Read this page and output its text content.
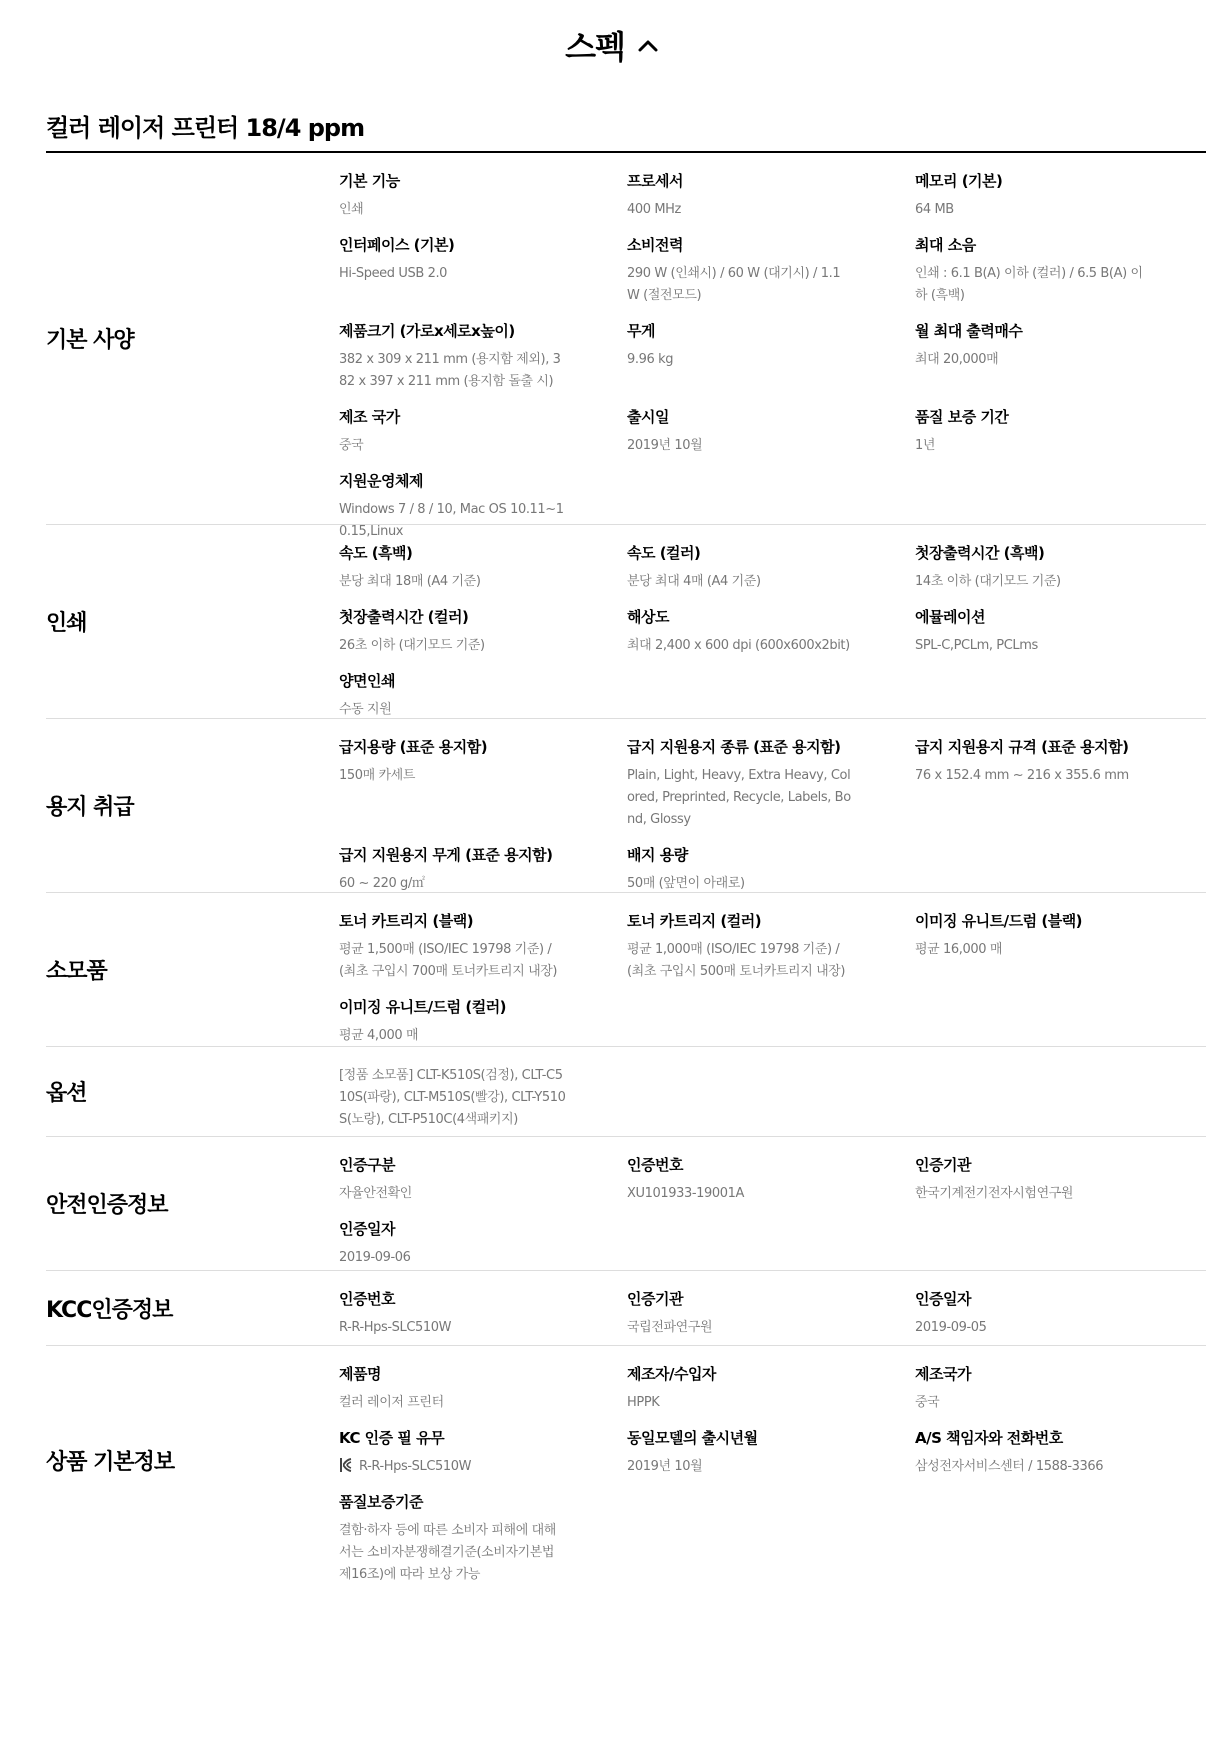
스펙
컬러 레이저 프린터 18/4 ppm
기본 사양
기본 기능
인쇄
프로세서
400 MHz
메모리 (기본)
64 MB
인터페이스 (기본)
Hi-Speed USB 2.0
소비전력
290 W (인쇄시) / 60 W (대기시) / 1.1 W (절전모드)
최대 소음
인쇄 : 6.1 B(A) 이하 (컬러) / 6.5 B(A) 이하 (흑백)
제품크기 (가로x세로x높이)
382 x 309 x 211 mm (용지함 제외), 382 x 397 x 211 mm (용지함 돌출 시)
무게
9.96 kg
월 최대 출력매수
최대 20,000매
제조 국가
중국
출시일
2019년 10월
품질 보증 기간
1년
지원운영체제
Windows 7 / 8 / 10, Mac OS 10.11~10.15,Linux
인쇄
속도 (흑백)
분당 최대 18매 (A4 기준)
속도 (컬러)
분당 최대 4매 (A4 기준)
첫장출력시간 (흑백)
14초 이하 (대기모드 기준)
첫장출력시간 (컬러)
26초 이하 (대기모드 기준)
해상도
최대 2,400 x 600 dpi (600x600x2bit)
에뮬레이션
SPL-C,PCLm, PCLms
양면인쇄
수동 지원
용지 취급
급지용량 (표준 용지함)
150매 카세트
급지 지원용지 종류 (표준 용지함)
Plain, Light, Heavy, Extra Heavy, Colored, Preprinted, Recycle, Labels, Bond, Glossy
급지 지원용지 규격 (표준 용지함)
76 x 152.4 mm ~ 216 x 355.6 mm
급지 지원용지 무게 (표준 용지함)
60 ~ 220 g/㎡
배지 용량
50매 (앞면이 아래로)
소모품
토너 카트리지 (블랙)
평균 1,500매 (ISO/IEC 19798 기준) / (최초 구입시 700매 토너카트리지 내장)
토너 카트리지 (컬러)
평균 1,000매 (ISO/IEC 19798 기준) / (최초 구입시 500매 토너카트리지 내장)
이미징 유니트/드럼 (블랙)
평균 16,000 매
이미징 유니트/드럼 (컬러)
평균 4,000 매
옵션
[정품 소모품] CLT-K510S(검정), CLT-C510S(파랑), CLT-M510S(빨강), CLT-Y510S(노랑), CLT-P510C(4색패키지)
안전인증정보
인증구분
자율안전확인
인증번호
XU101933-19001A
인증기관
한국기계전기전자시험연구원
인증일자
2019-09-06
KCC인증정보	인증번호
R-R-Hps-SLC510W
인증기관
국립전파연구원
인증일자
2019-09-05
상품 기본정보
제품명
컬러 레이저 프린터
제조자/수입자
HPPK
제조국가
중국
KC 인증 필 유무
R-R-Hps-SLC510W
동일모델의 출시년월
2019년 10월
A/S 책임자와 전화번호
삼성전자서비스센터 / 1588-3366
품질보증기준
결함·하자 등에 따른 소비자 피해에 대해서는 소비자분쟁해결기준(소비자기본법 제16조)에 따라 보상 가능
